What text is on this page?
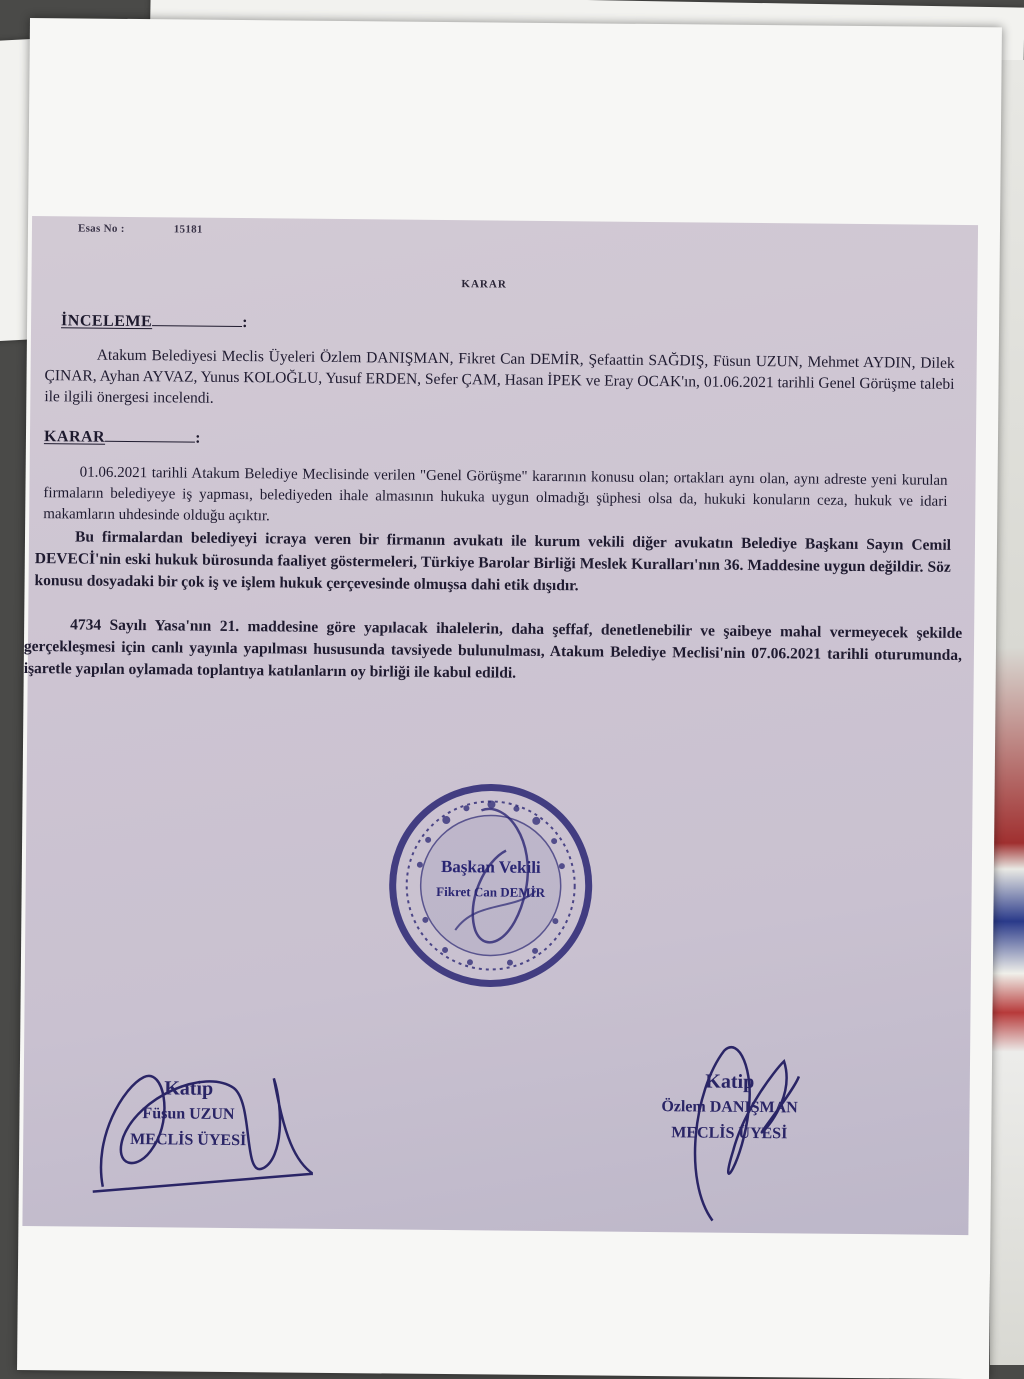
Esas No :	15181
KARAR
İNCELEME	:
Atakum Belediyesi Meclis Üyeleri Özlem DANIŞMAN, Fikret Can DEMİR, Şefaattin SAĞDIŞ, Füsun UZUN, Mehmet AYDIN, Dilek ÇINAR, Ayhan AYVAZ, Yunus KOLOĞLU, Yusuf ERDEN, Sefer ÇAM, Hasan İPEK ve Eray OCAK'ın, 01.06.2021 tarihli Genel Görüşme talebi ile ilgili önergesi incelendi.
KARAR	:
01.06.2021 tarihli Atakum Belediye Meclisinde verilen "Genel Görüşme" kararının konusu olan; ortakları aynı olan, aynı adreste yeni kurulan firmaların belediyeye iş yapması, belediyeden ihale almasının hukuka uygun olmadığı şüphesi olsa da, hukuki konuların ceza, hukuk ve idari makamların uhdesinde olduğu açıktır.
Bu firmalardan belediyeyi icraya veren bir firmanın avukatı ile kurum vekili diğer avukatın Belediye Başkanı Sayın Cemil DEVECİ'nin eski hukuk bürosunda faaliyet göstermeleri, Türkiye Barolar Birliği Meslek Kuralları'nın 36. Maddesine uygun değildir. Söz konusu dosyadaki bir çok iş ve işlem hukuk çerçevesinde olmuşsa dahi etik dışıdır.
4734 Sayılı Yasa'nın 21. maddesine göre yapılacak ihalelerin, daha şeffaf, denetlenebilir ve şaibeye mahal vermeyecek şekilde gerçekleşmesi için canlı yayınla yapılması hususunda tavsiyede bulunulması, Atakum Belediye Meclisi'nin 07.06.2021 tarihli oturumunda, işaretle yapılan oylamada toplantıya katılanların oy birliği ile kabul edildi.
Başkan Vekili
Fikret Can DEMİR
Katip
Füsun UZUN
MECLİS ÜYESİ
Katip
Özlem DANIŞMAN
MECLİS ÜYESİ
